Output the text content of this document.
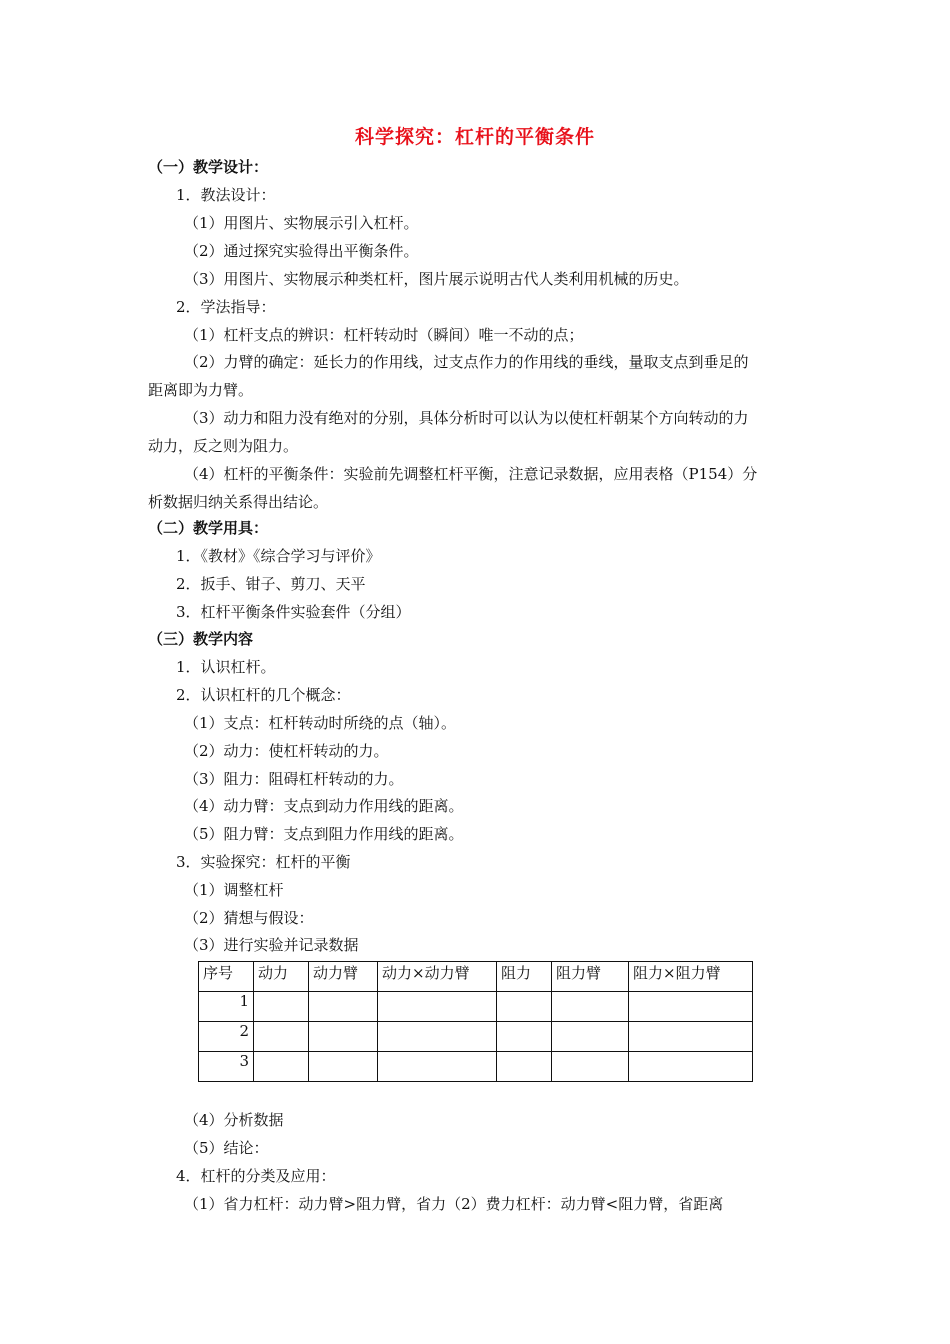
科学探究：杠杆的平衡条件
（一）教学设计：
1．教法设计：
（1）用图片、实物展示引入杠杆。
（2）通过探究实验得出平衡条件。
（3）用图片、实物展示种类杠杆，图片展示说明古代人类利用机械的历史。
2．学法指导：
（1）杠杆支点的辨识：杠杆转动时（瞬间）唯一不动的点；
（2）力臂的确定：延长力的作用线，过支点作力的作用线的垂线，量取支点到垂足的
距离即为力臂。
（3）动力和阻力没有绝对的分别，具体分析时可以认为以使杠杆朝某个方向转动的力
动力，反之则为阻力。
（4）杠杆的平衡条件：实验前先调整杠杆平衡，注意记录数据，应用表格（P154）分
析数据归纳关系得出结论。
（二）教学用具：
1．《教材》《综合学习与评价》
2．扳手、钳子、剪刀、天平
3．杠杆平衡条件实验套件（分组）
（三）教学内容
1．认识杠杆。
2．认识杠杆的几个概念：
（1）支点：杠杆转动时所绕的点（轴）。
（2）动力：使杠杆转动的力。
（3）阻力：阻碍杠杆转动的力。
（4）动力臂：支点到动力作用线的距离。
（5）阻力臂：支点到阻力作用线的距离。
3．实验探究：杠杆的平衡
（1）调整杠杆
（2）猜想与假设：
（3）进行实验并记录数据
序号	动力	动力臂	动力×动力臂	阻力	阻力臂	阻力×阻力臂
1						
2						
3						
（4）分析数据
（5）结论：
4．杠杆的分类及应用：
（1）省力杠杆：动力臂>阻力臂，省力（2）费力杠杆：动力臂<阻力臂，省距离
